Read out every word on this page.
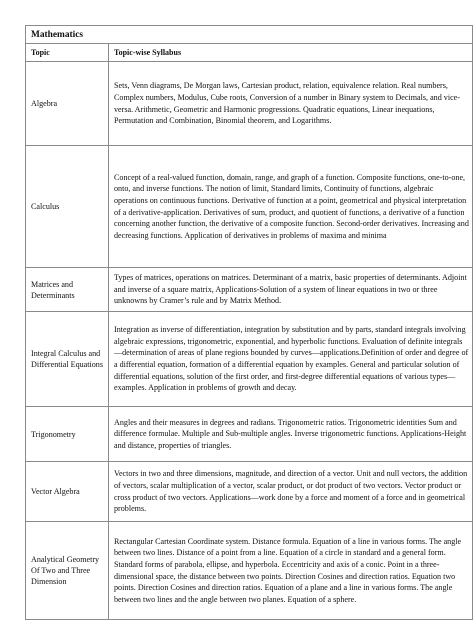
Mathematics	
Topic	Topic-wise Syllabus
Algebra	Sets, Venn diagrams, De Morgan laws, Cartesian product, relation, equivalence relation. Real numbers, Complex numbers, Modulus, Cube roots, Conversion of a number in Binary system to Decimals, and vice-versa. Arithmetic, Geometric and Harmonic progressions. Quadratic equations, Linear inequations, Permutation and Combination, Binomial theorem, and Logarithms.
Calculus	Concept of a real-valued function, domain, range, and graph of a function. Composite functions, one-to-one, onto, and inverse functions. The notion of limit, Standard limits, Continuity of functions, algebraic operations on continuous functions. Derivative of function at a point, geometrical and physical interpretation of a derivative-application. Derivatives of sum, product, and quotient of functions, a derivative of a function concerning another function, the derivative of a composite function. Second-order derivatives. Increasing and decreasing functions. Application of derivatives in problems of maxima and minima
Matrices and Determinants	Types of matrices, operations on matrices. Determinant of a matrix, basic properties of determinants. Adjoint and inverse of a square matrix, Applications-Solution of a system of linear equations in two or three unknowns by Cramer’s rule and by Matrix Method.
Integral Calculus and Differential Equations	Integration as inverse of differentiation, integration by substitution and by parts, standard integrals involving algebraic expressions, trigonometric, exponential, and hyperbolic functions. Evaluation of definite integrals—determination of areas of plane regions bounded by curves—applications.Definition of order and degree of a differential equation, formation of a differential equation by examples. General and particular solution of differential equations, solution of the first order, and first-degree differential equations of various types—examples. Application in problems of growth and decay.
Trigonometry	Angles and their measures in degrees and radians. Trigonometric ratios. Trigonometric identities Sum and difference formulae. Multiple and Sub-multiple angles. Inverse trigonometric functions. Applications-Height and distance, properties of triangles.
Vector Algebra	Vectors in two and three dimensions, magnitude, and direction of a vector. Unit and null vectors, the addition of vectors, scalar multiplication of a vector, scalar product, or dot product of two vectors. Vector product or cross product of two vectors. Applications—work done by a force and moment of a force and in geometrical problems.
Analytical Geometry Of Two and Three Dimension	Rectangular Cartesian Coordinate system. Distance formula. Equation of a line in various forms. The angle between two lines. Distance of a point from a line. Equation of a circle in standard and a general form. Standard forms of parabola, ellipse, and hyperbola. Eccentricity and axis of a conic. Point in a three-dimensional space, the distance between two points. Direction Cosines and direction ratios. Equation two points. Direction Cosines and direction ratios. Equation of a plane and a line in various forms. The angle between two lines and the angle between two planes. Equation of a sphere.
